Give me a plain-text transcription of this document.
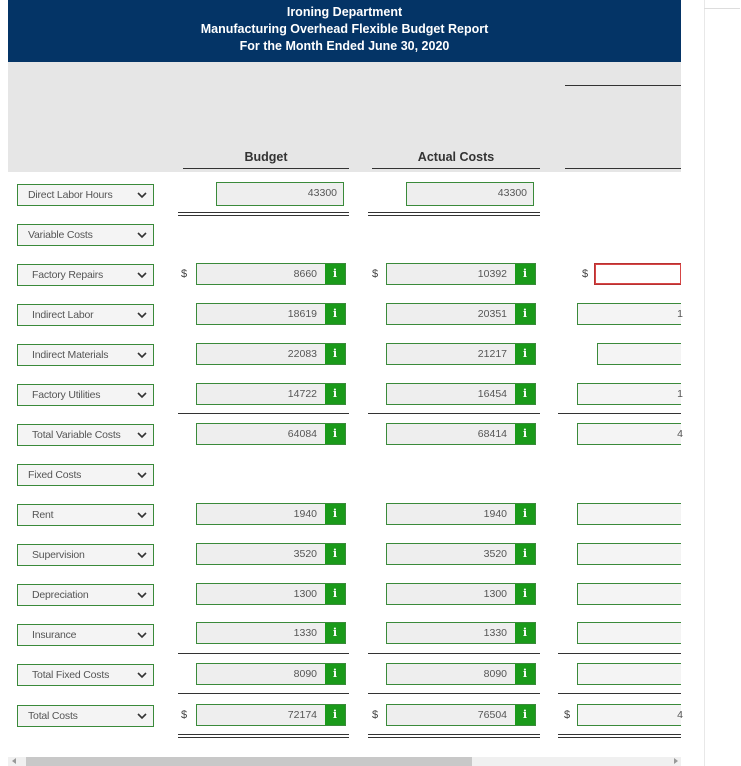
Ironing Department
Manufacturing Overhead Flexible Budget Report
For the Month Ended June 30, 2020
Budget	Actual Costs
Direct Labor Hours	43300	43300
Variable Costs
Factory Repairs	$	8660	i	$	10392	i	$
Indirect Labor	18619	i	20351	i	1
Indirect Materials	22083	i	21217	i
Factory Utilities	14722	i	16454	i	1
Total Variable Costs	64084	i	68414	i	4
Fixed Costs
Rent	1940	i	1940	i
Supervision	3520	i	3520	i
Depreciation	1300	i	1300	i
Insurance	1330	i	1330	i
Total Fixed Costs	8090	i	8090	i
Total Costs	$	72174	i	$	76504	i	$	4
